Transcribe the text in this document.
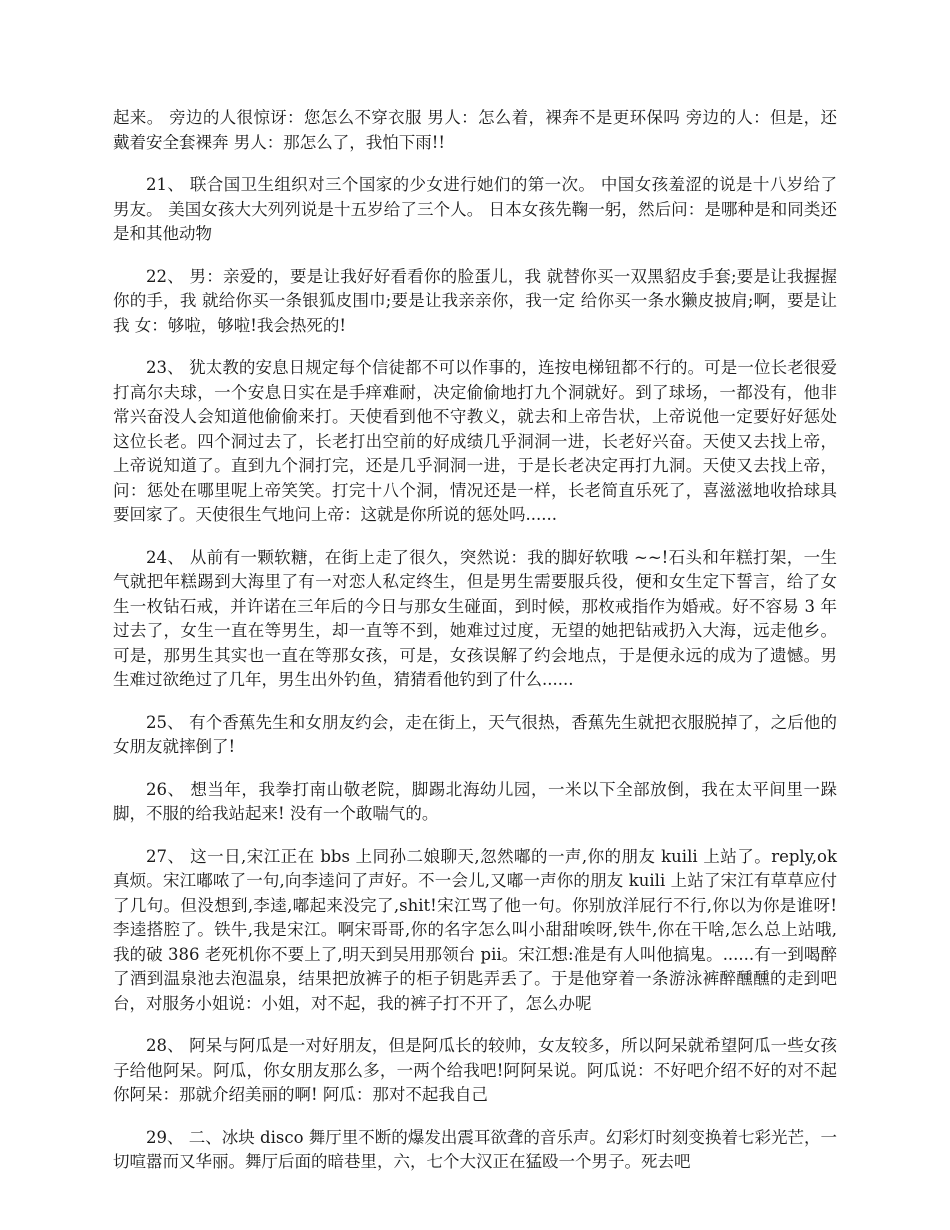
起来。 旁边的人很惊讶：您怎么不穿衣服 男人：怎么着，裸奔不是更环保吗 旁边的人：但是，还戴着安全套裸奔 男人：那怎么了，我怕下雨!!

21、 联合国卫生组织对三个国家的少女进行她们的第一次。 中国女孩羞涩的说是十八岁给了男友。 美国女孩大大列列说是十五岁给了三个人。 日本女孩先鞠一躬，然后问：是哪种是和同类还是和其他动物

22、 男：亲爱的，要是让我好好看看你的脸蛋儿，我 就替你买一双黑貂皮手套;要是让我握握你的手，我 就给你买一条银狐皮围巾;要是让我亲亲你，我一定 给你买一条水獭皮披肩;啊，要是让我 女：够啦，够啦!我会热死的!

23、 犹太教的安息日规定每个信徒都不可以作事的，连按电梯钮都不行的。可是一位长老很爱打高尔夫球，一个安息日实在是手痒难耐，决定偷偷地打九个洞就好。到了球场，一都没有，他非常兴奋没人会知道他偷偷来打。天使看到他不守教义，就去和上帝告状，上帝说他一定要好好惩处这位长老。四个洞过去了，长老打出空前的好成绩几乎洞洞一进，长老好兴奋。天使又去找上帝，上帝说知道了。直到九个洞打完，还是几乎洞洞一进，于是长老决定再打九洞。天使又去找上帝，问：惩处在哪里呢上帝笑笑。打完十八个洞，情况还是一样，长老简直乐死了，喜滋滋地收拾球具要回家了。天使很生气地问上帝：这就是你所说的惩处吗......

24、 从前有一颗软糖，在街上走了很久，突然说：我的脚好软哦 ~~!石头和年糕打架，一生气就把年糕踢到大海里了有一对恋人私定终生，但是男生需要服兵役，便和女生定下誓言，给了女生一枚钻石戒，并许诺在三年后的今日与那女生碰面，到时候，那枚戒指作为婚戒。好不容易 3 年过去了，女生一直在等男生，却一直等不到，她难过过度，无望的她把钻戒扔入大海，远走他乡。可是，那男生其实也一直在等那女孩，可是，女孩误解了约会地点，于是便永远的成为了遗憾。男生难过欲绝过了几年，男生出外钓鱼，猜猜看他钓到了什么......

25、 有个香蕉先生和女朋友约会，走在街上，天气很热，香蕉先生就把衣服脱掉了，之后他的女朋友就摔倒了!

26、 想当年，我拳打南山敬老院，脚踢北海幼儿园，一米以下全部放倒，我在太平间里一跺脚，不服的给我站起来! 没有一个敢喘气的。

27、 这一日,宋江正在 bbs 上同孙二娘聊天,忽然嘟的一声,你的朋友 kuili 上站了。reply,ok 真烦。宋江嘟哝了一句,向李逵问了声好。不一会儿,又嘟一声你的朋友 kuili 上站了宋江有草草应付了几句。但没想到,李逵,嘟起来没完了,shit!宋江骂了他一句。你别放洋屁行不行,你以为你是谁呀!李逵搭腔了。铁牛,我是宋江。啊宋哥哥,你的名字怎么叫小甜甜唉呀,铁牛,你在干啥,怎么总上站哦,我的破 386 老死机你不要上了,明天到吴用那领台 pii。宋江想:准是有人叫他搞鬼。......有一到喝醉了酒到温泉池去泡温泉，结果把放裤子的柜子钥匙弄丢了。于是他穿着一条游泳裤醉醺醺的走到吧台，对服务小姐说：小姐，对不起，我的裤子打不开了，怎么办呢

28、 阿呆与阿瓜是一对好朋友，但是阿瓜长的较帅，女友较多，所以阿呆就希望阿瓜一些女孩子给他阿呆。阿瓜，你女朋友那么多，一两个给我吧!阿阿呆说。阿瓜说：不好吧介绍不好的对不起你阿呆：那就介绍美丽的啊! 阿瓜：那对不起我自己

29、 二、冰块 disco 舞厅里不断的爆发出震耳欲聋的音乐声。幻彩灯时刻变换着七彩光芒，一切喧嚣而又华丽。舞厅后面的暗巷里，六，七个大汉正在猛殴一个男子。死去吧
